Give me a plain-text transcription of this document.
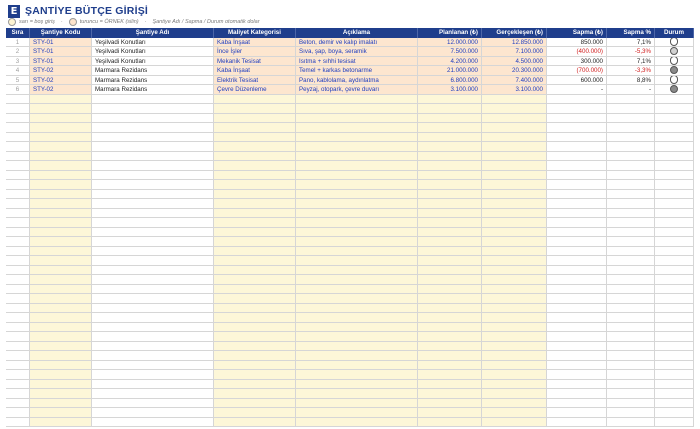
E ŞANTİYE BÜTÇE GİRİŞİ
sarı = boş giriş ·	turuncu = ÖRNEK (silin) · Şantiye Adı / Sapma / Durum otomatik dolar
Sıra	Şantiye Kodu	Şantiye Adı	Maliyet Kategorisi	Açıklama	Planlanan (₺)	Gerçekleşen (₺)	Sapma (₺)	Sapma %	Durum
1	STY-01	Yeşilvadi Konutları	Kaba İnşaat	Beton, demir ve kalıp imalatı	12.000.000	12.850.000	850.000	7,1%
2	STY-01	Yeşilvadi Konutları	İnce İşler	Sıva, şap, boya, seramik	7.500.000	7.100.000	(400.000)	-5,3%
3	STY-01	Yeşilvadi Konutları	Mekanik Tesisat	Isıtma + sıhhi tesisat	4.200.000	4.500.000	300.000	7,1%
4	STY-02	Marmara Rezidans	Kaba İnşaat	Temel + karkas betonarme	21.000.000	20.300.000	(700.000)	-3,3%
5	STY-02	Marmara Rezidans	Elektrik Tesisat	Pano, kablolama, aydınlatma	6.800.000	7.400.000	600.000	8,8%
6	STY-02	Marmara Rezidans	Çevre Düzenleme	Peyzaj, otopark, çevre duvarı	3.100.000	3.100.000	-	-
